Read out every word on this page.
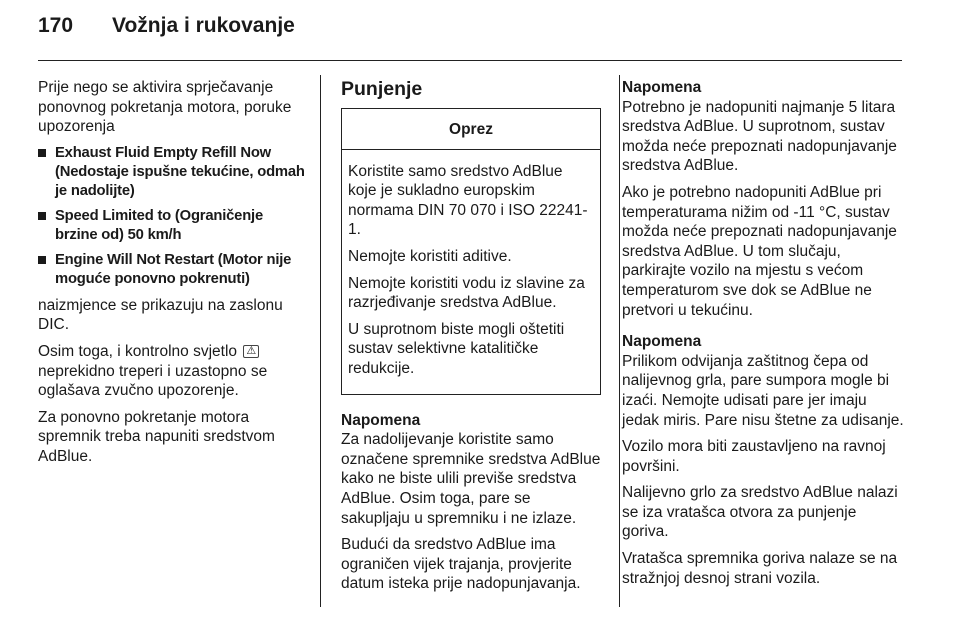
170	Vožnja i rukovanje

Prije nego se aktivira sprječavanje ponovnog pokretanja motora, poruke upozorenja

Exhaust Fluid Empty Refill Now (Nedostaje ispušne tekućine, odmah je nadolijte)
Speed Limited to (Ograničenje brzine od) 50 km/h
Engine Will Not Restart (Motor nije moguće ponovno pokrenuti)

naizmjence se prikazuju na zaslonu DIC.

Osim toga, i kontrolno svjetlo ⚠ neprekidno treperi i uzastopno se oglašava zvučno upozorenje.

Za ponovno pokretanje motora spremnik treba napuniti sredstvom AdBlue.

Punjenje
Oprez

Koristite samo sredstvo AdBlue koje je sukladno europskim normama DIN 70 070 i ISO 22241-1.

Nemojte koristiti aditive.

Nemojte koristiti vodu iz slavine za razrjeđivanje sredstva AdBlue.

U suprotnom biste mogli oštetiti sustav selektivne katalitičke redukcije.

Napomena

Za nadolijevanje koristite samo označene spremnike sredstva AdBlue kako ne biste ulili previše sredstva AdBlue. Osim toga, pare se sakupljaju u spremniku i ne izlaze.

Budući da sredstvo AdBlue ima ograničen vijek trajanja, provjerite datum isteka prije nadopunjavanja.

Napomena

Potrebno je nadopuniti najmanje 5 litara sredstva AdBlue. U suprotnom, sustav možda neće prepoznati nadopunjavanje sredstva AdBlue.

Ako je potrebno nadopuniti AdBlue pri temperaturama nižim od -11 °C, sustav možda neće prepoznati nadopunjavanje sredstva AdBlue. U tom slučaju, parkirajte vozilo na mjestu s većom temperaturom sve dok se AdBlue ne pretvori u tekućinu.

Napomena

Prilikom odvijanja zaštitnog čepa od nalijevnog grla, pare sumpora mogle bi izaći. Nemojte udisati pare jer imaju jedak miris. Pare nisu štetne za udisanje.

Vozilo mora biti zaustavljeno na ravnoj površini.

Nalijevno grlo za sredstvo AdBlue nalazi se iza vratašca otvora za punjenje goriva.

Vratašca spremnika goriva nalaze se na stražnjoj desnoj strani vozila.
